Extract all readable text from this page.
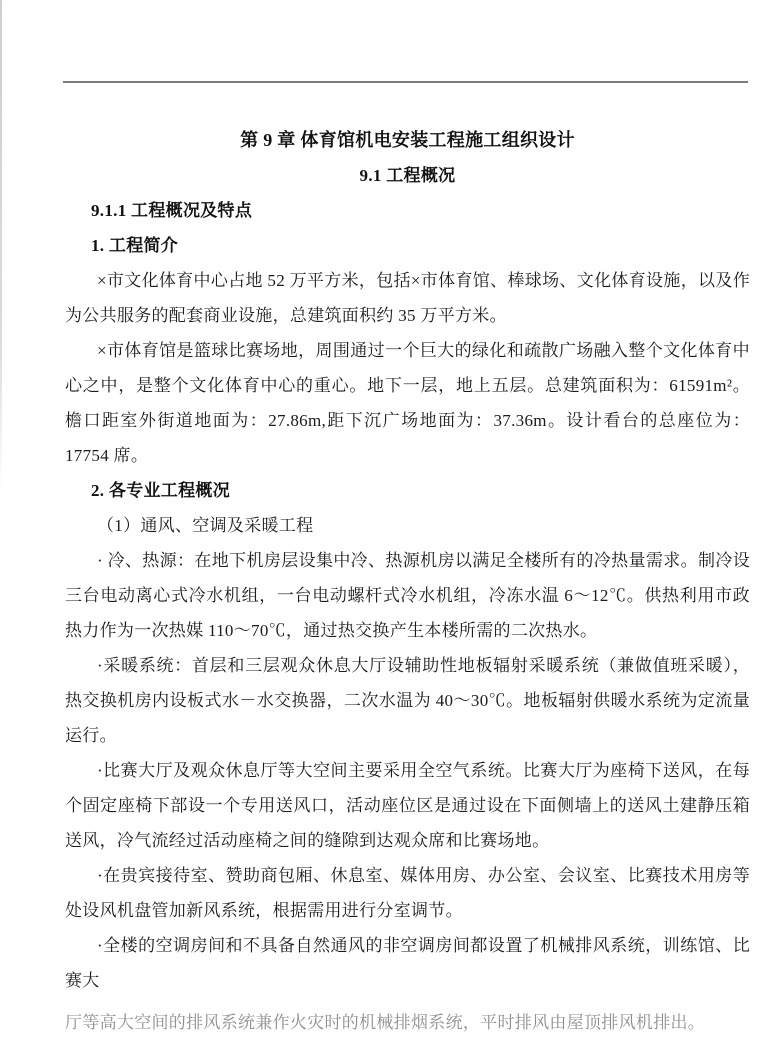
第 9 章 体育馆机电安装工程施工组织设计
9.1 工程概况
9.1.1 工程概况及特点
1. 工程简介
×市文化体育中心占地 52 万平方米，包括×市体育馆、棒球场、文化体育设施，以及作为公共服务的配套商业设施，总建筑面积约 35 万平方米。
×市体育馆是篮球比赛场地，周围通过一个巨大的绿化和疏散广场融入整个文化体育中心之中，是整个文化体育中心的重心。地下一层，地上五层。总建筑面积为：61591m²。檐口距室外街道地面为：27.86m,距下沉广场地面为：37.36m。设计看台的总座位为：17754 席。
2. 各专业工程概况
（1）通风、空调及采暖工程
· 冷、热源：在地下机房层设集中冷、热源机房以满足全楼所有的冷热量需求。制冷设三台电动离心式冷水机组，一台电动螺杆式冷水机组，冷冻水温 6～12℃。供热利用市政热力作为一次热媒 110～70℃，通过热交换产生本楼所需的二次热水。
·采暖系统：首层和三层观众休息大厅设辅助性地板辐射采暖系统（兼做值班采暖），热交换机房内设板式水－水交换器，二次水温为 40～30℃。地板辐射供暖水系统为定流量运行。
·比赛大厅及观众休息厅等大空间主要采用全空气系统。比赛大厅为座椅下送风，在每个固定座椅下部设一个专用送风口，活动座位区是通过设在下面侧墙上的送风土建静压箱送风，冷气流经过活动座椅之间的缝隙到达观众席和比赛场地。
·在贵宾接待室、赞助商包厢、休息室、媒体用房、办公室、会议室、比赛技术用房等处设风机盘管加新风系统，根据需用进行分室调节。
·全楼的空调房间和不具备自然通风的非空调房间都设置了机械排风系统，训练馆、比赛大
厅等高大空间的排风系统兼作火灾时的机械排烟系统，平时排风由屋顶排风机排出。
